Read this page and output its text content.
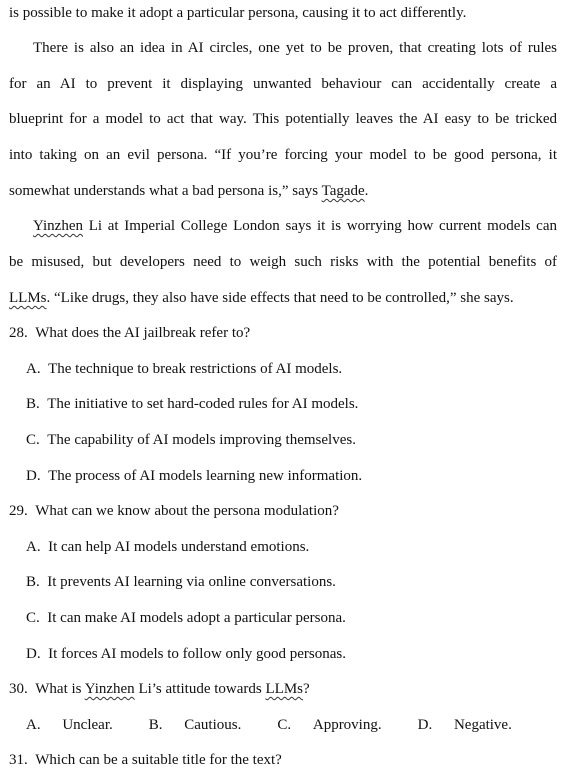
is possible to make it adopt a particular persona, causing it to act differently.
There is also an idea in AI circles, one yet to be proven, that creating lots of rules
for an AI to prevent it displaying unwanted behaviour can accidentally create a
blueprint for a model to act that way. This potentially leaves the AI easy to be tricked
into taking on an evil persona. “If you’re forcing your model to be good persona, it
somewhat understands what a bad persona is,” says Tagade.
Yinzhen Li at Imperial College London says it is worrying how current models can
be misused, but developers need to weigh such risks with the potential benefits of
LLMs. “Like drugs, they also have side effects that need to be controlled,” she says.
28. What does the AI jailbreak refer to?
A. The technique to break restrictions of AI models.
B. The initiative to set hard-coded rules for AI models.
C. The capability of AI models improving themselves.
D. The process of AI models learning new information.
29. What can we know about the persona modulation?
A. It can help AI models understand emotions.
B. It prevents AI learning via online conversations.
C. It can make AI models adopt a particular persona.
D. It forces AI models to follow only good personas.
30. What is Yinzhen Li’s attitude towards LLMs?
A. Unclear. B. Cautious. C. Approving. D. Negative.
31. Which can be a suitable title for the text?
